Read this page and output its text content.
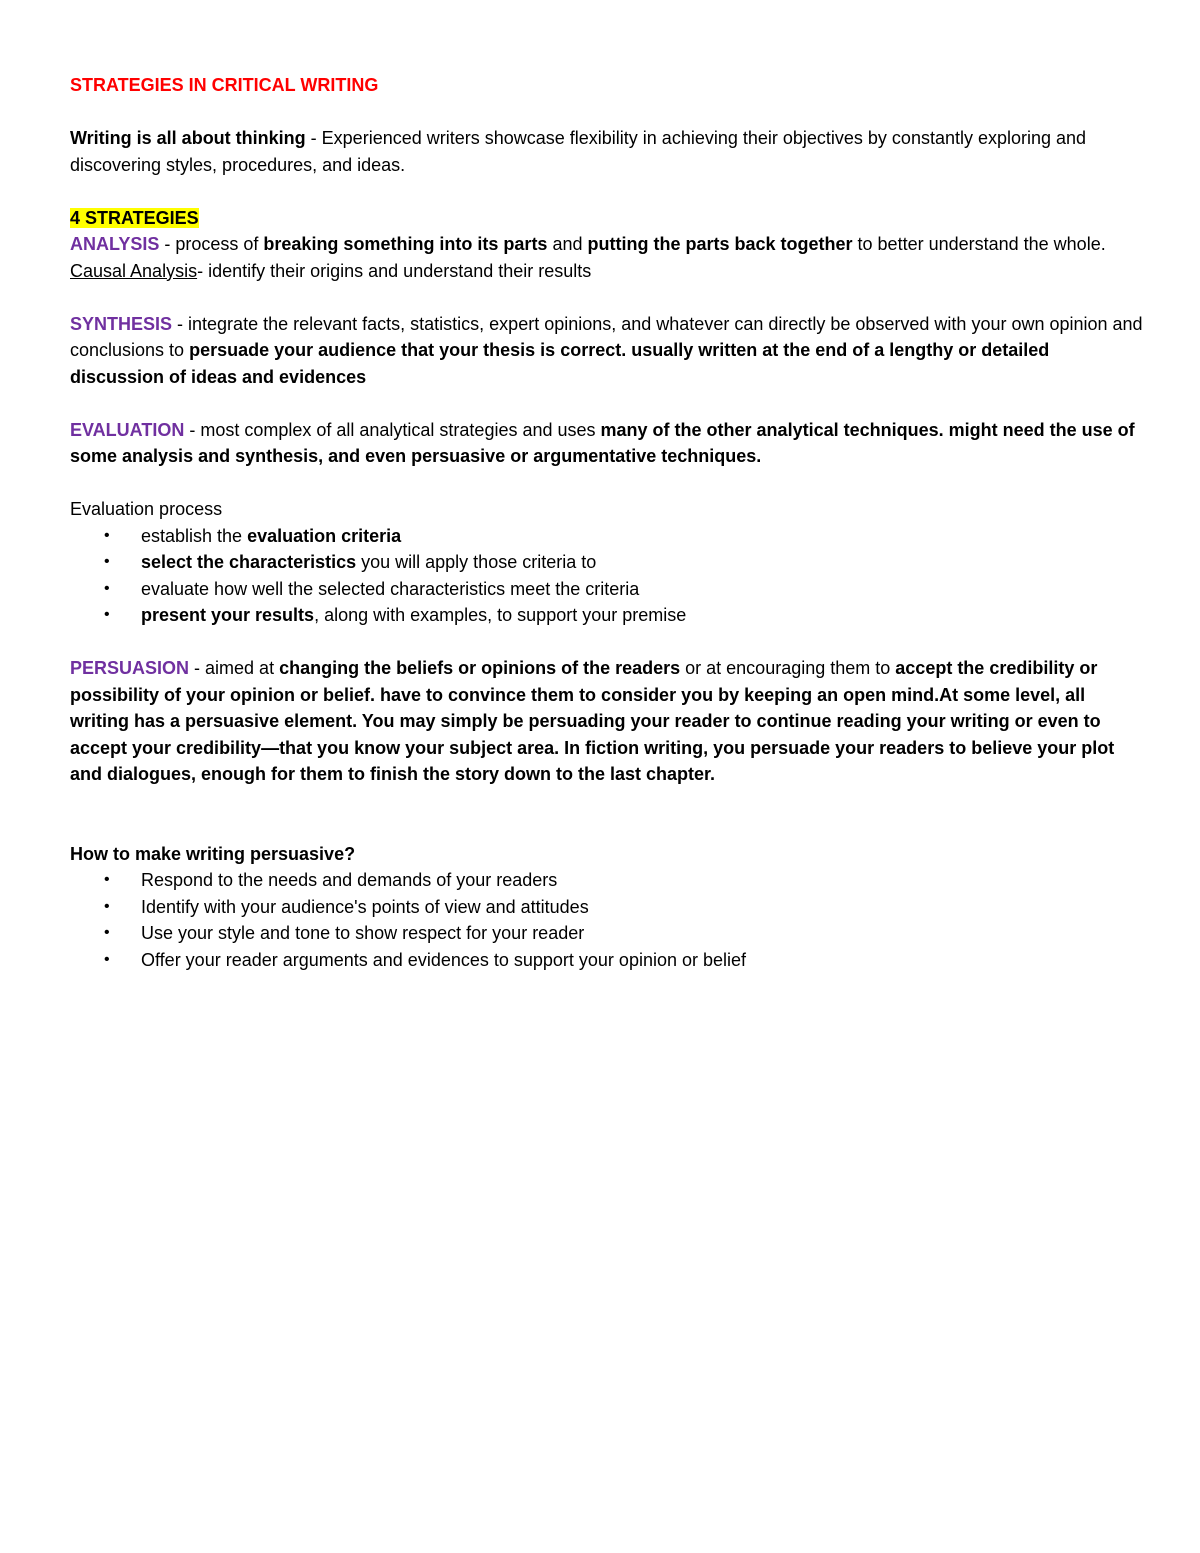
STRATEGIES IN CRITICAL WRITING

Writing is all about thinking - Experienced writers showcase flexibility in achieving their objectives by constantly exploring and discovering styles, procedures, and ideas.

4 STRATEGIES

ANALYSIS - process of breaking something into its parts and putting the parts back together to better understand the whole. Causal Analysis- identify their origins and understand their results

SYNTHESIS - integrate the relevant facts, statistics, expert opinions, and whatever can directly be observed with your own opinion and conclusions to persuade your audience that your thesis is correct. usually written at the end of a lengthy or detailed discussion of ideas and evidences

EVALUATION - most complex of all analytical strategies and uses many of the other analytical techniques. might need the use of some analysis and synthesis, and even persuasive or argumentative techniques.

Evaluation process

• establish the evaluation criteria
• select the characteristics you will apply those criteria to
• evaluate how well the selected characteristics meet the criteria
• present your results, along with examples, to support your premise

PERSUASION - aimed at changing the beliefs or opinions of the readers or at encouraging them to accept the credibility or possibility of your opinion or belief. have to convince them to consider you by keeping an open mind.At some level, all writing has a persuasive element. You may simply be persuading your reader to continue reading your writing or even to accept your credibility—that you know your subject area. In fiction writing, you persuade your readers to believe your plot and dialogues, enough for them to finish the story down to the last chapter.

How to make writing persuasive?

• Respond to the needs and demands of your readers
• Identify with your audience's points of view and attitudes
• Use your style and tone to show respect for your reader
• Offer your reader arguments and evidences to support your opinion or belief
